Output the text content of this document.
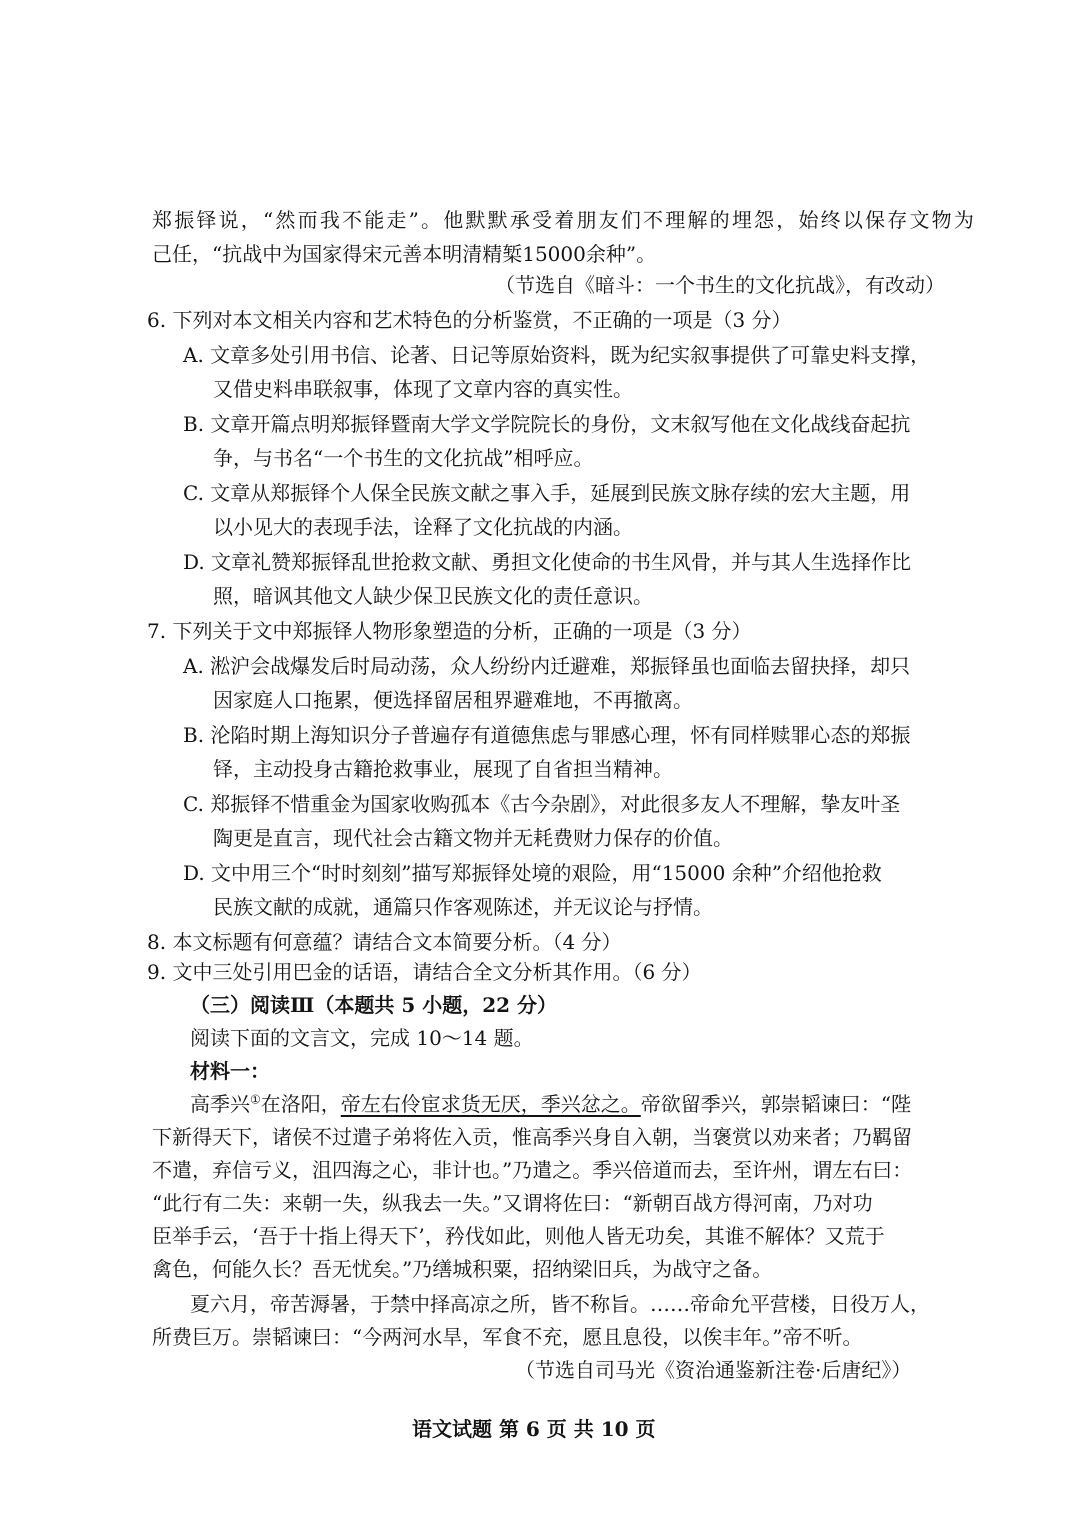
郑振铎说，“然而我不能走”。他默默承受着朋友们不理解的埋怨，始终以保存文物为
己任，“抗战中为国家得宋元善本明清精椠15000余种”。
（节选自《暗斗：一个书生的文化抗战》，有改动）
6. 下列对本文相关内容和艺术特色的分析鉴赏，不正确的一项是（3 分）
A. 文章多处引用书信、论著、日记等原始资料，既为纪实叙事提供了可靠史料支撑，
又借史料串联叙事，体现了文章内容的真实性。
B. 文章开篇点明郑振铎暨南大学文学院院长的身份，文末叙写他在文化战线奋起抗
争，与书名“一个书生的文化抗战”相呼应。
C. 文章从郑振铎个人保全民族文献之事入手，延展到民族文脉存续的宏大主题，用
以小见大的表现手法，诠释了文化抗战的内涵。
D. 文章礼赞郑振铎乱世抢救文献、勇担文化使命的书生风骨，并与其人生选择作比
照，暗讽其他文人缺少保卫民族文化的责任意识。
7. 下列关于文中郑振铎人物形象塑造的分析，正确的一项是（3 分）
A. 淞沪会战爆发后时局动荡，众人纷纷内迁避难，郑振铎虽也面临去留抉择，却只
因家庭人口拖累，便选择留居租界避难地，不再撤离。
B. 沦陷时期上海知识分子普遍存有道德焦虑与罪感心理，怀有同样赎罪心态的郑振
铎，主动投身古籍抢救事业，展现了自省担当精神。
C. 郑振铎不惜重金为国家收购孤本《古今杂剧》，对此很多友人不理解，挚友叶圣
陶更是直言，现代社会古籍文物并无耗费财力保存的价值。
D. 文中用三个“时时刻刻”描写郑振铎处境的艰险，用“15000 余种”介绍他抢救
民族文献的成就，通篇只作客观陈述，并无议论与抒情。
8. 本文标题有何意蕴？请结合文本简要分析。（4 分）
9. 文中三处引用巴金的话语，请结合全文分析其作用。（6 分）
（三）阅读Ⅲ（本题共 5 小题，22 分）
阅读下面的文言文，完成 10～14 题。
材料一：
高季兴①在洛阳，帝左右伶宦求货无厌，季兴忿之。帝欲留季兴，郭崇韬谏曰：“陛
下新得天下，诸侯不过遣子弟将佐入贡，惟高季兴身自入朝，当褒赏以劝来者；乃羁留
不遣，弃信亏义，沮四海之心，非计也。”乃遣之。季兴倍道而去，至许州，谓左右曰：
“此行有二失：来朝一失，纵我去一失。”又谓将佐曰：“新朝百战方得河南，乃对功
臣举手云，‘吾于十指上得天下’，矜伐如此，则他人皆无功矣，其谁不解体？又荒于
禽色，何能久长？吾无忧矣。”乃缮城积粟，招纳梁旧兵，为战守之备。
夏六月，帝苦溽暑，于禁中择高凉之所，皆不称旨。……帝命允平营楼，日役万人，
所费巨万。崇韬谏曰：“今两河水旱，军食不充，愿且息役，以俟丰年。”帝不听。
（节选自司马光《资治通鉴新注卷·后唐纪》）
语文试题 第 6 页 共 10 页
